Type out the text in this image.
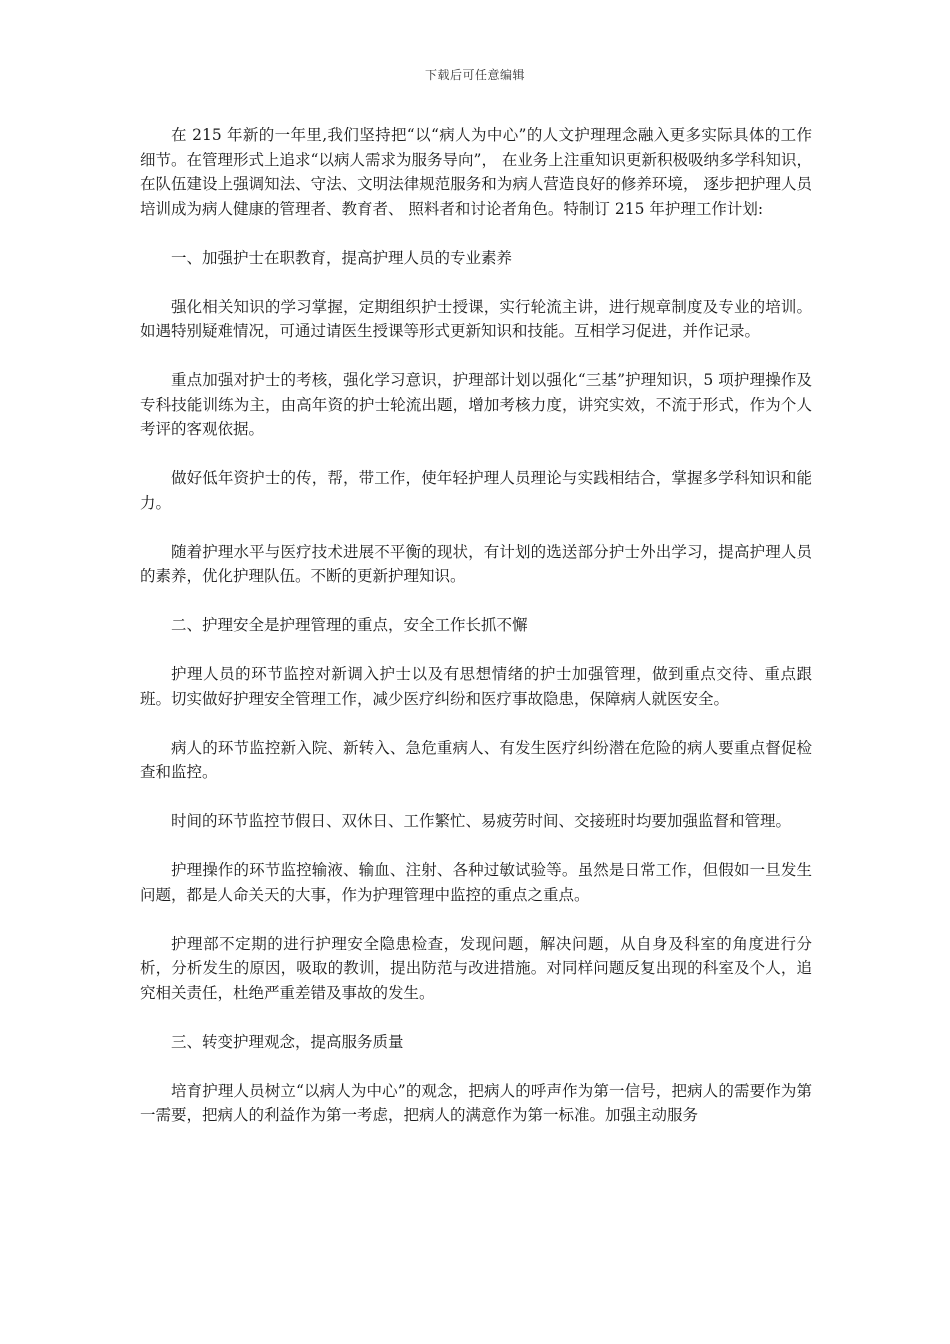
下载后可任意编辑

在 215 年新的一年里,我们坚持把“以“病人为中心”的人文护理理念融入更多实际具体的工作细节。在管理形式上追求“以病人需求为服务导向”， 在业务上注重知识更新积极吸纳多学科知识，在队伍建设上强调知法、守法、文明法律规范服务和为病人营造良好的修养环境， 逐步把护理人员培训成为病人健康的管理者、教育者、 照料者和讨论者角色。特制订 215 年护理工作计划:

一、加强护士在职教育，提高护理人员的专业素养

强化相关知识的学习掌握，定期组织护士授课，实行轮流主讲，进行规章制度及专业的培训。如遇特别疑难情况，可通过请医生授课等形式更新知识和技能。互相学习促进，并作记录。

重点加强对护士的考核，强化学习意识，护理部计划以强化“三基”护理知识，5 项护理操作及专科技能训练为主，由高年资的护士轮流出题，增加考核力度，讲究实效，不流于形式，作为个人考评的客观依据。

做好低年资护士的传，帮，带工作，使年轻护理人员理论与实践相结合，掌握多学科知识和能力。

随着护理水平与医疗技术进展不平衡的现状，有计划的选送部分护士外出学习，提高护理人员的素养，优化护理队伍。不断的更新护理知识。

二、护理安全是护理管理的重点，安全工作长抓不懈

护理人员的环节监控对新调入护士以及有思想情绪的护士加强管理，做到重点交待、重点跟班。切实做好护理安全管理工作，减少医疗纠纷和医疗事故隐患，保障病人就医安全。

病人的环节监控新入院、新转入、急危重病人、有发生医疗纠纷潜在危险的病人要重点督促检查和监控。

时间的环节监控节假日、双休日、工作繁忙、易疲劳时间、交接班时均要加强监督和管理。

护理操作的环节监控输液、输血、注射、各种过敏试验等。虽然是日常工作，但假如一旦发生问题，都是人命关天的大事，作为护理管理中监控的重点之重点。

护理部不定期的进行护理安全隐患检查，发现问题，解决问题，从自身及科室的角度进行分析，分析发生的原因，吸取的教训，提出防范与改进措施。对同样问题反复出现的科室及个人，追究相关责任，杜绝严重差错及事故的发生。

三、转变护理观念，提高服务质量

培育护理人员树立“以病人为中心”的观念，把病人的呼声作为第一信号，把病人的需要作为第一需要，把病人的利益作为第一考虑，把病人的满意作为第一标准。加强主动服务
